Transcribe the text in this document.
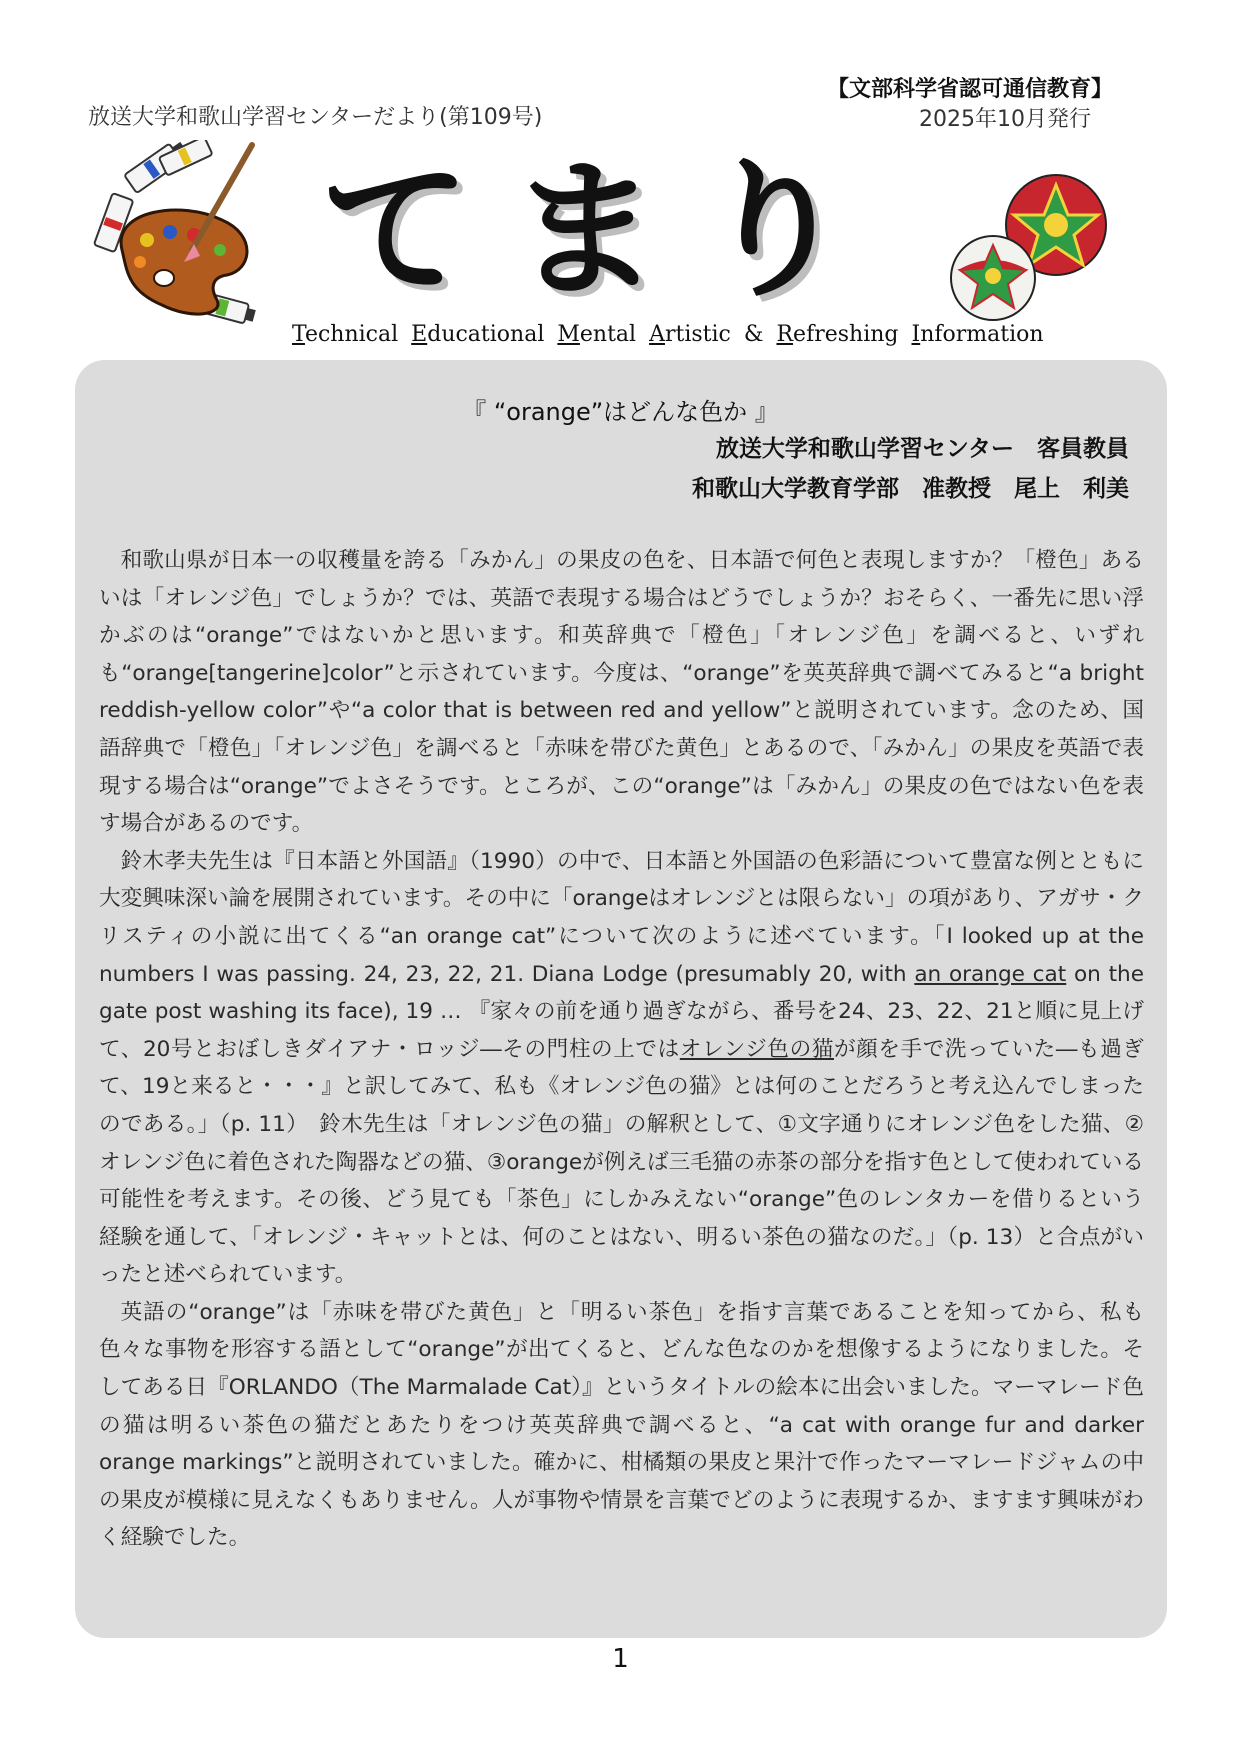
放送大学和歌山学習センターだより(第109号)
【文部科学省認可通信教育】
2025年10月発行
てまり
Technical Educational Mental Artistic & Refreshing Information
『 “orange”はどんな色か 』
放送大学和歌山学習センター　客員教員
和歌山大学教育学部　准教授　尾上　利美

和歌山県が日本一の収穫量を誇る「みかん」の果皮の色を、日本語で何色と表現しますか？「橙色」あるいは「オレンジ色」でしょうか？では、英語で表現する場合はどうでしょうか？おそらく、一番先に思い浮かぶのは“orange”ではないかと思います。和英辞典で「橙色」「オレンジ色」を調べると、いずれも“orange[tangerine]color”と示されています。今度は、“orange”を英英辞典で調べてみると“a bright reddish-yellow color”や“a color that is between red and yellow”と説明されています。念のため、国語辞典で「橙色」「オレンジ色」を調べると「赤味を帯びた黄色」とあるので、「みかん」の果皮を英語で表現する場合は“orange”でよさそうです。ところが、この“orange”は「みかん」の果皮の色ではない色を表す場合があるのです。

鈴木孝夫先生は『日本語と外国語』（1990）の中で、日本語と外国語の色彩語について豊富な例とともに大変興味深い論を展開されています。その中に「orangeはオレンジとは限らない」の項があり、アガサ・クリスティの小説に出てくる“an orange cat”について次のように述べています。「I looked up at the numbers I was passing. 24, 23, 22, 21. Diana Lodge (presumably 20, with an orange cat on the gate post washing its face), 19 … 『家々の前を通り過ぎながら、番号を24、23、22、21と順に見上げて、20号とおぼしきダイアナ・ロッジ―その門柱の上ではオレンジ色の猫が顔を手で洗っていた―も過ぎて、19と来ると・・・』と訳してみて、私も《オレンジ色の猫》とは何のことだろうと考え込んでしまったのである。」（p. 11）　鈴木先生は「オレンジ色の猫」の解釈として、①文字通りにオレンジ色をした猫、②オレンジ色に着色された陶器などの猫、③orangeが例えば三毛猫の赤茶の部分を指す色として使われている可能性を考えます。その後、どう見ても「茶色」にしかみえない“orange”色のレンタカーを借りるという経験を通して、「オレンジ・キャットとは、何のことはない、明るい茶色の猫なのだ。」（p. 13）と合点がいったと述べられています。

英語の“orange”は「赤味を帯びた黄色」と「明るい茶色」を指す言葉であることを知ってから、私も色々な事物を形容する語として“orange”が出てくると、どんな色なのかを想像するようになりました。そしてある日『ORLANDO（The Marmalade Cat）』というタイトルの絵本に出会いました。マーマレード色の猫は明るい茶色の猫だとあたりをつけ英英辞典で調べると、“a cat with orange fur and darker orange markings”と説明されていました。確かに、柑橘類の果皮と果汁で作ったマーマレードジャムの中の果皮が模様に見えなくもありません。人が事物や情景を言葉でどのように表現するか、ますます興味がわく経験でした。

1
